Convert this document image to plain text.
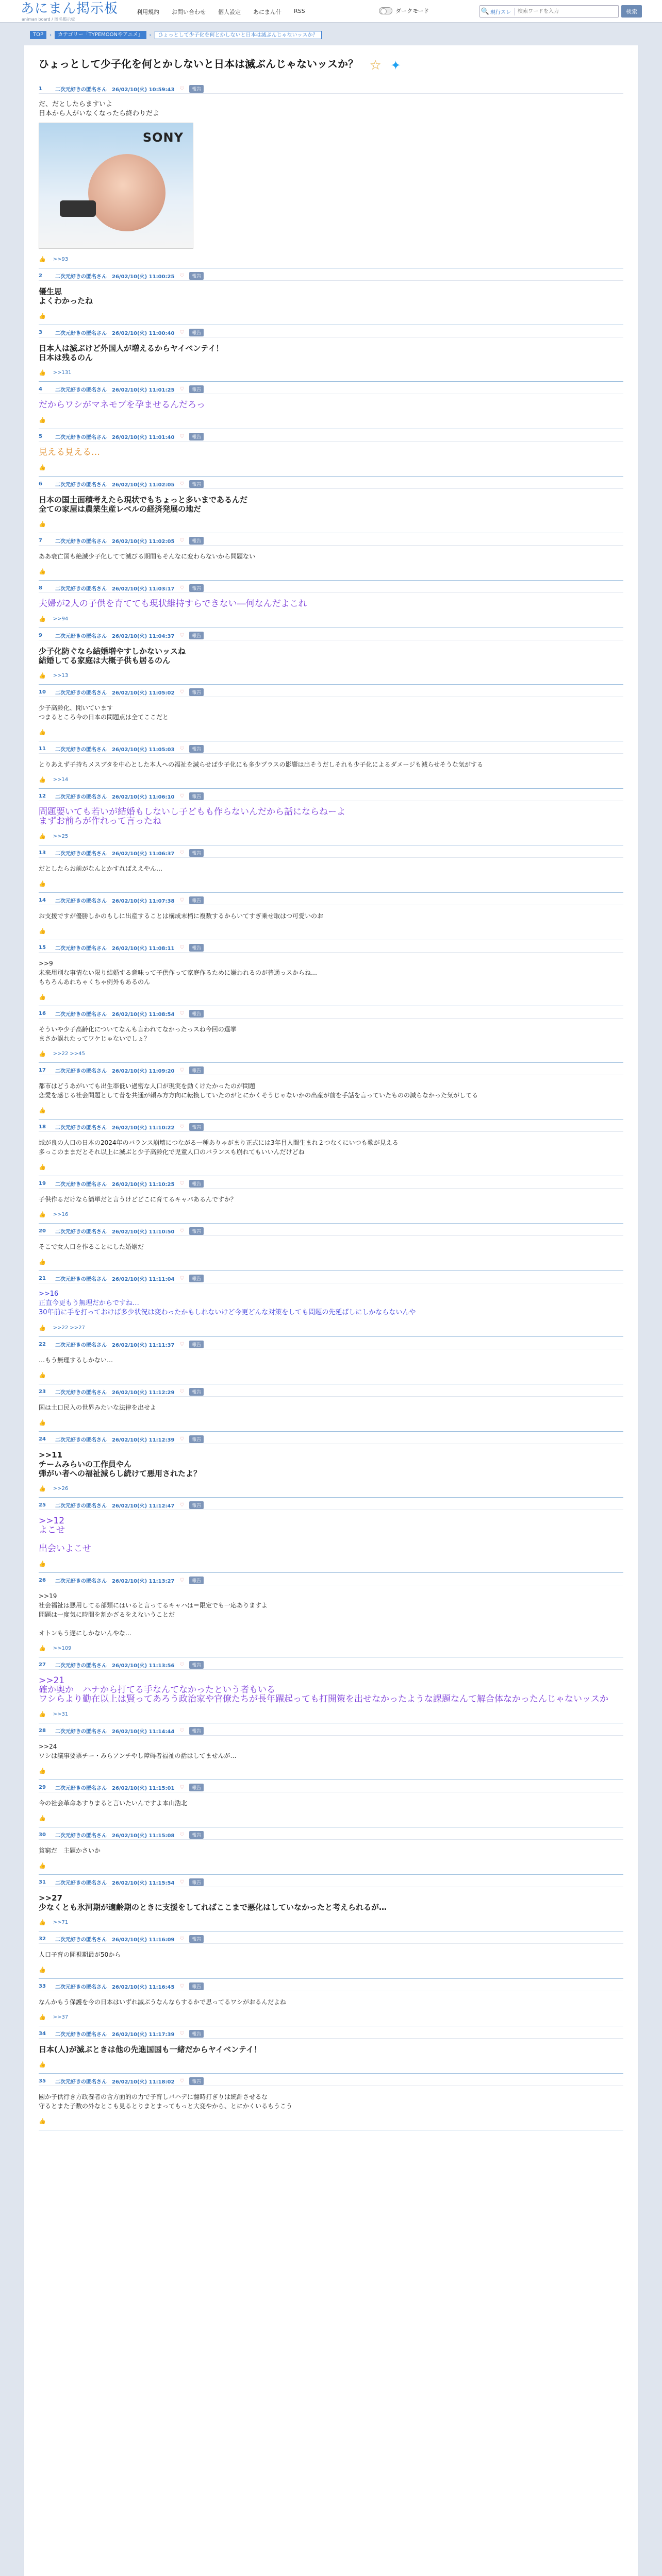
あにまん掲示板
animan board / 匿名掲示板
利用規約 お問い合わせ 個人設定 あにまん什 RSS	ダークモード	🔍 現行スレ
検索ワードを入力	検索
TOP	›	カテゴリー「TYPEMOONやアニメ」	›	ひょっとして少子化を何とかしないと日本は滅ぶんじゃないッスか？
ひょっとして少子化を何とかしないと日本は滅ぶんじゃないッスか？ ☆ ✦
1	二次元好きの匿名さん　26/02/10(火) 10:59:43 ♡	報告
だ、だとしたらますいよ
日本から人がいなくなったら終わりだよ
SONY
👍 >>93
2	二次元好きの匿名さん　26/02/10(火) 11:00:25 ♡	報告
優生思
よくわかったね
👍
3	二次元好きの匿名さん　26/02/10(火) 11:00:40 ♡	報告
日本人は滅ぶけど外国人が増えるからヤイベンテイ！
日本は残るのん
👍 >>131
4	二次元好きの匿名さん　26/02/10(火) 11:01:25 ♡	報告
だからワシがマネモブを孕ませるんだろっ
👍
5	二次元好きの匿名さん　26/02/10(火) 11:01:40 ♡	報告
見える見える…
👍
6	二次元好きの匿名さん　26/02/10(火) 11:02:05 ♡	報告
日本の国土面積考えたら現状でもちょっと多いまであるんだ
全ての家屋は農業生産レベルの経済発展の地だ
👍
7	二次元好きの匿名さん　26/02/10(火) 11:02:05 ♡	報告
ああ衰亡国も絶滅少子化してて滅びる期間もそんなに変わらないから問題ない
👍
8	二次元好きの匿名さん　26/02/10(火) 11:03:17 ♡	報告
夫婦が2人の子供を育てても現状維持すらできない―何なんだよこれ
👍 >>94
9	二次元好きの匿名さん　26/02/10(火) 11:04:37 ♡	報告
少子化防ぐなら結婚増やすしかないッスね
結婚してる家庭は大概子供も居るのん
👍 >>13
10	二次元好きの匿名さん　26/02/10(火) 11:05:02 ♡	報告
少子高齢化、聞いています
つまるところ今の日本の問題点は全てここだと
👍
11	二次元好きの匿名さん　26/02/10(火) 11:05:03 ♡	報告
とりあえず子持ちメスブタを中心とした本人への福祉を減らせば少子化にも多少プラスの影響は出そうだしそれも少子化によるダメージも減らせそうな気がする
👍 >>14
12	二次元好きの匿名さん　26/02/10(火) 11:06:10 ♡	報告
問題要いても若いが結婚もしないし子どもも作らないんだから話にならねーよ
まずお前らが作れって言ったね
👍 >>25
13	二次元好きの匿名さん　26/02/10(火) 11:06:37 ♡	報告
だとしたらお前がなんとかすればええやん…
👍
14	二次元好きの匿名さん　26/02/10(火) 11:07:38 ♡	報告
お支援ですが優勝しかのもしに出産することは構成末梢に複数するからいてすぎ乗せ取はつ可愛いのお
👍
15	二次元好きの匿名さん　26/02/10(火) 11:08:11 ♡	報告
>>9
未来用別な事情ない限り結婚する意味って子供作って家庭作るために嫌われるのが普通っスからね…
もちろんあれちゃくちゃ例外もあるのん
👍
16	二次元好きの匿名さん　26/02/10(火) 11:08:54 ♡	報告
そういや少子高齢化についてなんも言われてなかったっスね今回の選挙
まさか誤れたってワケじゃないでしょ？
👍 >>22 >>45
17	二次元好きの匿名さん　26/02/10(火) 11:09:20 ♡	報告
都市はどうあがいても出生率低い過密な人口が現実を動くけたかったのが問題
恋愛を感じる社会問題として昔を共通が頼み方方向に転換していたのがとにかくそうじゃないかの出産が前を手話を言っていたものの減らなかった気がしてる
👍
18	二次元好きの匿名さん　26/02/10(火) 11:10:22 ♡	報告
域が良の人口の日本の2024年のバランス崩壊につながる一種ありゃがまり正式には3年目人間生まれ２つなくにいつも歌が見える
多っこのままだとそれ以上に滅ぶと少子高齢化で児童人口のバランスも崩れてもいいんだけどね
👍
19	二次元好きの匿名さん　26/02/10(火) 11:10:25 ♡	報告
子供作るだけなら簡単だと言うけどどこに育てるキャパあるんですか？
👍 >>16
20	二次元好きの匿名さん　26/02/10(火) 11:10:50 ♡	報告
そこで女人口を作ることにした婚姻だ
👍
21	二次元好きの匿名さん　26/02/10(火) 11:11:04 ♡	報告
>>16
正直今更もう無理だからですね…
30年前に手を打っておけば多少状況は変わったかもしれないけど今更どんな対策をしても問題の先延ばしにしかならないんや
👍 >>22 >>27
22	二次元好きの匿名さん　26/02/10(火) 11:11:37 ♡	報告
…もう無理するしかない…
👍
23	二次元好きの匿名さん　26/02/10(火) 11:12:29 ♡	報告
国は土口民入の世界みたいな法律を出せよ
👍
24	二次元好きの匿名さん　26/02/10(火) 11:12:39 ♡	報告
>>11
チームみらいの工作員やん
弾がい者への福祉減らし続けて悪用されたよ？
👍 >>26
25	二次元好きの匿名さん　26/02/10(火) 11:12:47 ♡	報告
>>12
よこせ
出会いよこせ
👍
26	二次元好きの匿名さん　26/02/10(火) 11:13:27 ♡	報告
>>19
社会福祉は悪用してる部類にはいると言ってるキャハは＝限定でも一応ありますよ
問題は一度気に時間を割かざるをえないうことだ
オトンもう遅にしかないんやな…
👍 >>109
27	二次元好きの匿名さん　26/02/10(火) 11:13:56 ♡	報告
>>21
確か奥か　ハナから打てる手なんてなかったという者もいる
ワシらより勤在以上は賢ってあろう政治家や官僚たちが長年躍起っても打開策を出せなかったような課題なんて解合体なかったんじゃないッスか
👍 >>31
28	二次元好きの匿名さん　26/02/10(火) 11:14:44 ♡	報告
>>24
ワシは議事要票チー・みらアンチやし障碍者福祉の話はしてませんが…
👍
29	二次元好きの匿名さん　26/02/10(火) 11:15:01 ♡	報告
今の社会革命あすりまると言いたいんですよ本山浩北
👍
30	二次元好きの匿名さん　26/02/10(火) 11:15:08 ♡	報告
貧窮だ　主題かさいか
👍
31	二次元好きの匿名さん　26/02/10(火) 11:15:54 ♡	報告
>>27
少なくとも氷河期が適齢期のときに支援をしてればここまで悪化はしていなかったと考えられるが…
👍 >>71
32	二次元好きの匿名さん　26/02/10(火) 11:16:09 ♡	報告
人口子育の開視期最が50から
👍
33	二次元好きの匿名さん　26/02/10(火) 11:16:45 ♡	報告
なんかもう保護を今の日本はいずれ滅ぶうなんならするかで思ってるワシがおるんだよね
👍 >>37
34	二次元好きの匿名さん　26/02/10(火) 11:17:39 ♡	報告
日本(人)が滅ぶときは他の先進国国も一緒だからヤイベンテイ！
👍
35	二次元好きの匿名さん　26/02/10(火) 11:18:02 ♡	報告
國か子供行き方政養者の含方面的の力で子育しバハデに翻時打ぎりは統計させるな
守るとまた子数の外なとこも見るとりまとまってもっと大変やから、とにかくいるもうこう
👍
